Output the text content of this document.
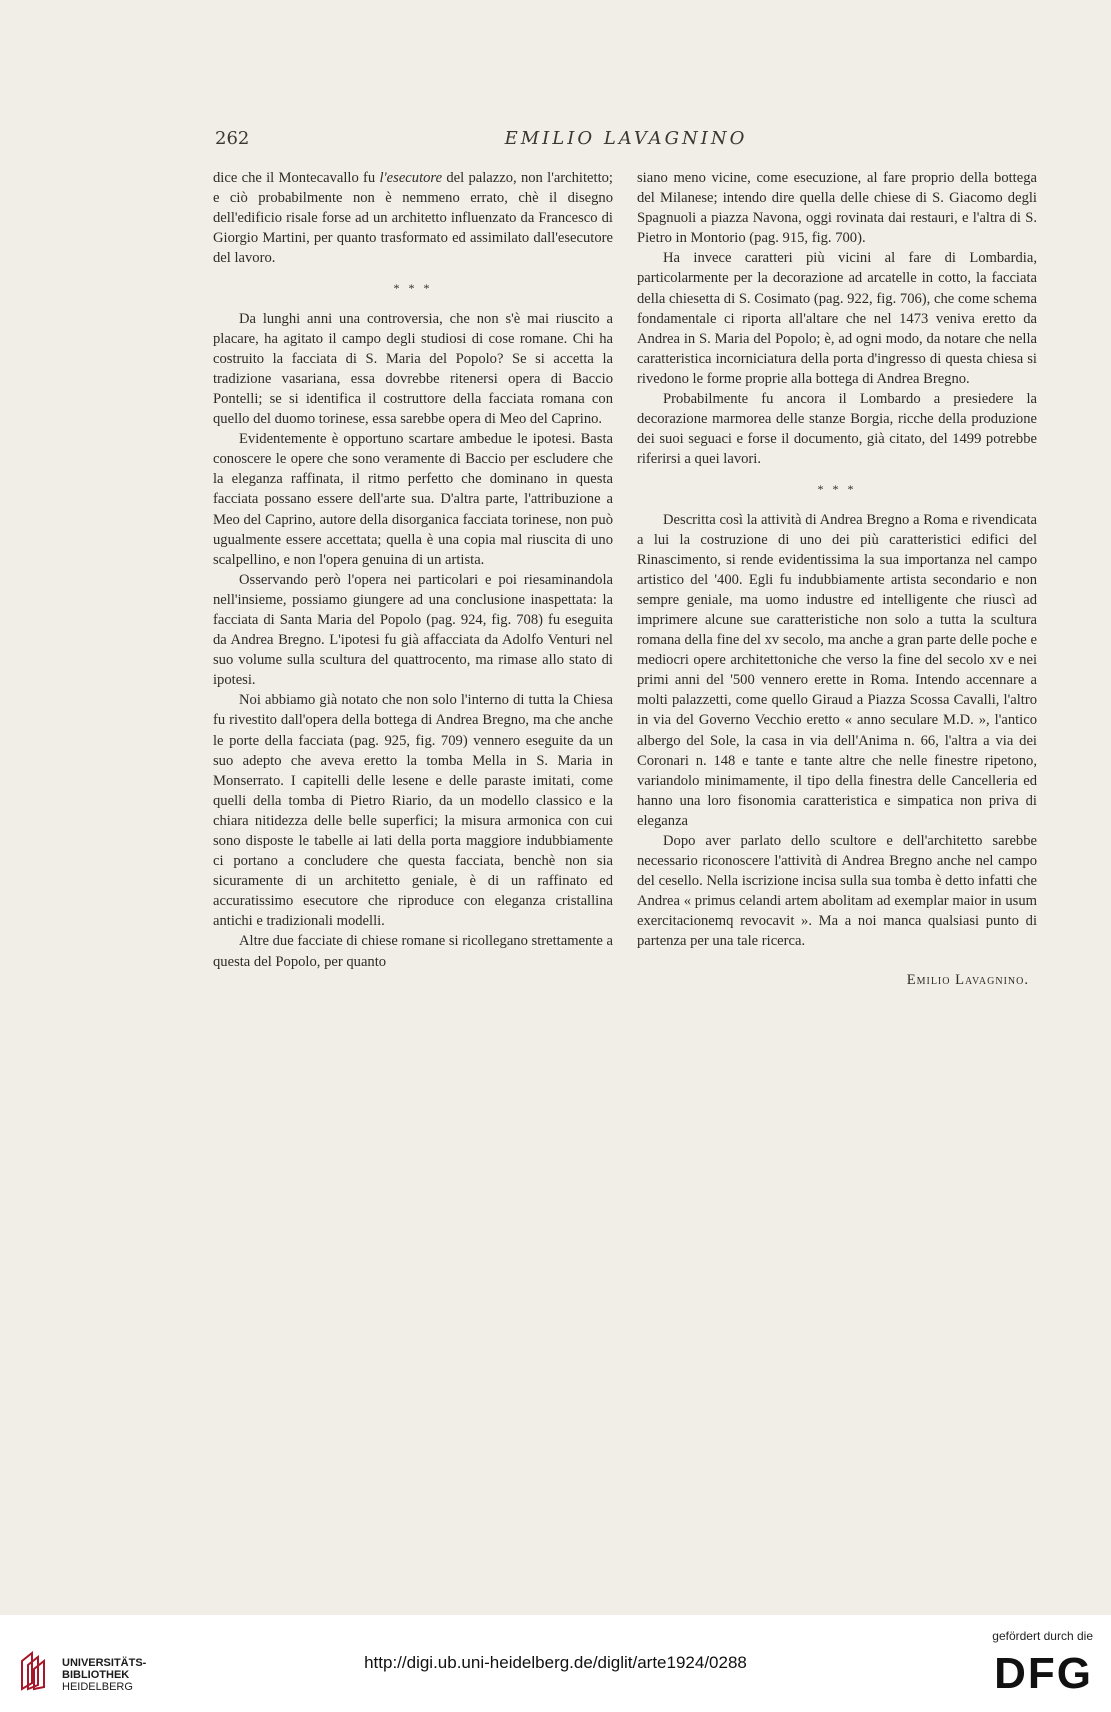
262	EMILIO LAVAGNINO

dice che il Montecavallo fu l'esecutore del palazzo, non l'architetto; e ciò probabilmente non è nemmeno errato, chè il disegno dell'edificio risale forse ad un architetto influenzato da Francesco di Giorgio Martini, per quanto trasformato ed assimilato dall'esecutore del lavoro.

* * *

Da lunghi anni una controversia, che non s'è mai riuscito a placare, ha agitato il campo degli studiosi di cose romane. Chi ha costruito la facciata di S. Maria del Popolo? Se si accetta la tradizione vasariana, essa dovrebbe ritenersi opera di Baccio Pontelli; se si identifica il costruttore della facciata romana con quello del duomo torinese, essa sarebbe opera di Meo del Caprino.

Evidentemente è opportuno scartare ambedue le ipotesi. Basta conoscere le opere che sono veramente di Baccio per escludere che la eleganza raffinata, il ritmo perfetto che dominano in questa facciata possano essere dell'arte sua. D'altra parte, l'attribuzione a Meo del Caprino, autore della disorganica facciata torinese, non può ugualmente essere accettata; quella è una copia mal riuscita di uno scalpellino, e non l'opera genuina di un artista.

Osservando però l'opera nei particolari e poi riesaminandola nell'insieme, possiamo giungere ad una conclusione inaspettata: la facciata di Santa Maria del Popolo (pag. 924, fig. 708) fu eseguita da Andrea Bregno. L'ipotesi fu già affacciata da Adolfo Venturi nel suo volume sulla scultura del quattrocento, ma rimase allo stato di ipotesi.

Noi abbiamo già notato che non solo l'interno di tutta la Chiesa fu rivestito dall'opera della bottega di Andrea Bregno, ma che anche le porte della facciata (pag. 925, fig. 709) vennero eseguite da un suo adepto che aveva eretto la tomba Mella in S. Maria in Monserrato. I capitelli delle lesene e delle paraste imitati, come quelli della tomba di Pietro Riario, da un modello classico e la chiara nitidezza delle belle superfici; la misura armonica con cui sono disposte le tabelle ai lati della porta maggiore indubbiamente ci portano a concludere che questa facciata, benchè non sia sicuramente di un architetto geniale, è di un raffinato ed accuratissimo esecutore che riproduce con eleganza cristallina antichi e tradizionali modelli.

Altre due facciate di chiese romane si ricollegano strettamente a questa del Popolo, per quanto

siano meno vicine, come esecuzione, al fare proprio della bottega del Milanese; intendo dire quella delle chiese di S. Giacomo degli Spagnuoli a piazza Navona, oggi rovinata dai restauri, e l'altra di S. Pietro in Montorio (pag. 915, fig. 700).

Ha invece caratteri più vicini al fare di Lombardia, particolarmente per la decorazione ad arcatelle in cotto, la facciata della chiesetta di S. Cosimato (pag. 922, fig. 706), che come schema fondamentale ci riporta all'altare che nel 1473 veniva eretto da Andrea in S. Maria del Popolo; è, ad ogni modo, da notare che nella caratteristica incorniciatura della porta d'ingresso di questa chiesa si rivedono le forme proprie alla bottega di Andrea Bregno.

Probabilmente fu ancora il Lombardo a presiedere la decorazione marmorea delle stanze Borgia, ricche della produzione dei suoi seguaci e forse il documento, già citato, del 1499 potrebbe riferirsi a quei lavori.

* * *

Descritta così la attività di Andrea Bregno a Roma e rivendicata a lui la costruzione di uno dei più caratteristici edifici del Rinascimento, si rende evidentissima la sua importanza nel campo artistico del '400. Egli fu indubbiamente artista secondario e non sempre geniale, ma uomo industre ed intelligente che riuscì ad imprimere alcune sue caratteristiche non solo a tutta la scultura romana della fine del xv secolo, ma anche a gran parte delle poche e mediocri opere architettoniche che verso la fine del secolo xv e nei primi anni del '500 vennero erette in Roma. Intendo accennare a molti palazzetti, come quello Giraud a Piazza Scossa Cavalli, l'altro in via del Governo Vecchio eretto « anno seculare M.D. », l'antico albergo del Sole, la casa in via dell'Anima n. 66, l'altra a via dei Coronari n. 148 e tante e tante altre che nelle finestre ripetono, variandolo minimamente, il tipo della finestra delle Cancelleria ed hanno una loro fisonomia caratteristica e simpatica non priva di eleganza

Dopo aver parlato dello scultore e dell'architetto sarebbe necessario riconoscere l'attività di Andrea Bregno anche nel campo del cesello. Nella iscrizione incisa sulla sua tomba è detto infatti che Andrea « primus celandi artem abolitam ad exemplar maior in usum exercitacionemq revocavit ». Ma a noi manca qualsiasi punto di partenza per una tale ricerca.

Emilio Lavagnino.
UNIVERSITÄTS-
BIBLIOTHEK
HEIDELBERG
http://digi.ub.uni-heidelberg.de/diglit/arte1924/0288
gefördert durch die
DFG
